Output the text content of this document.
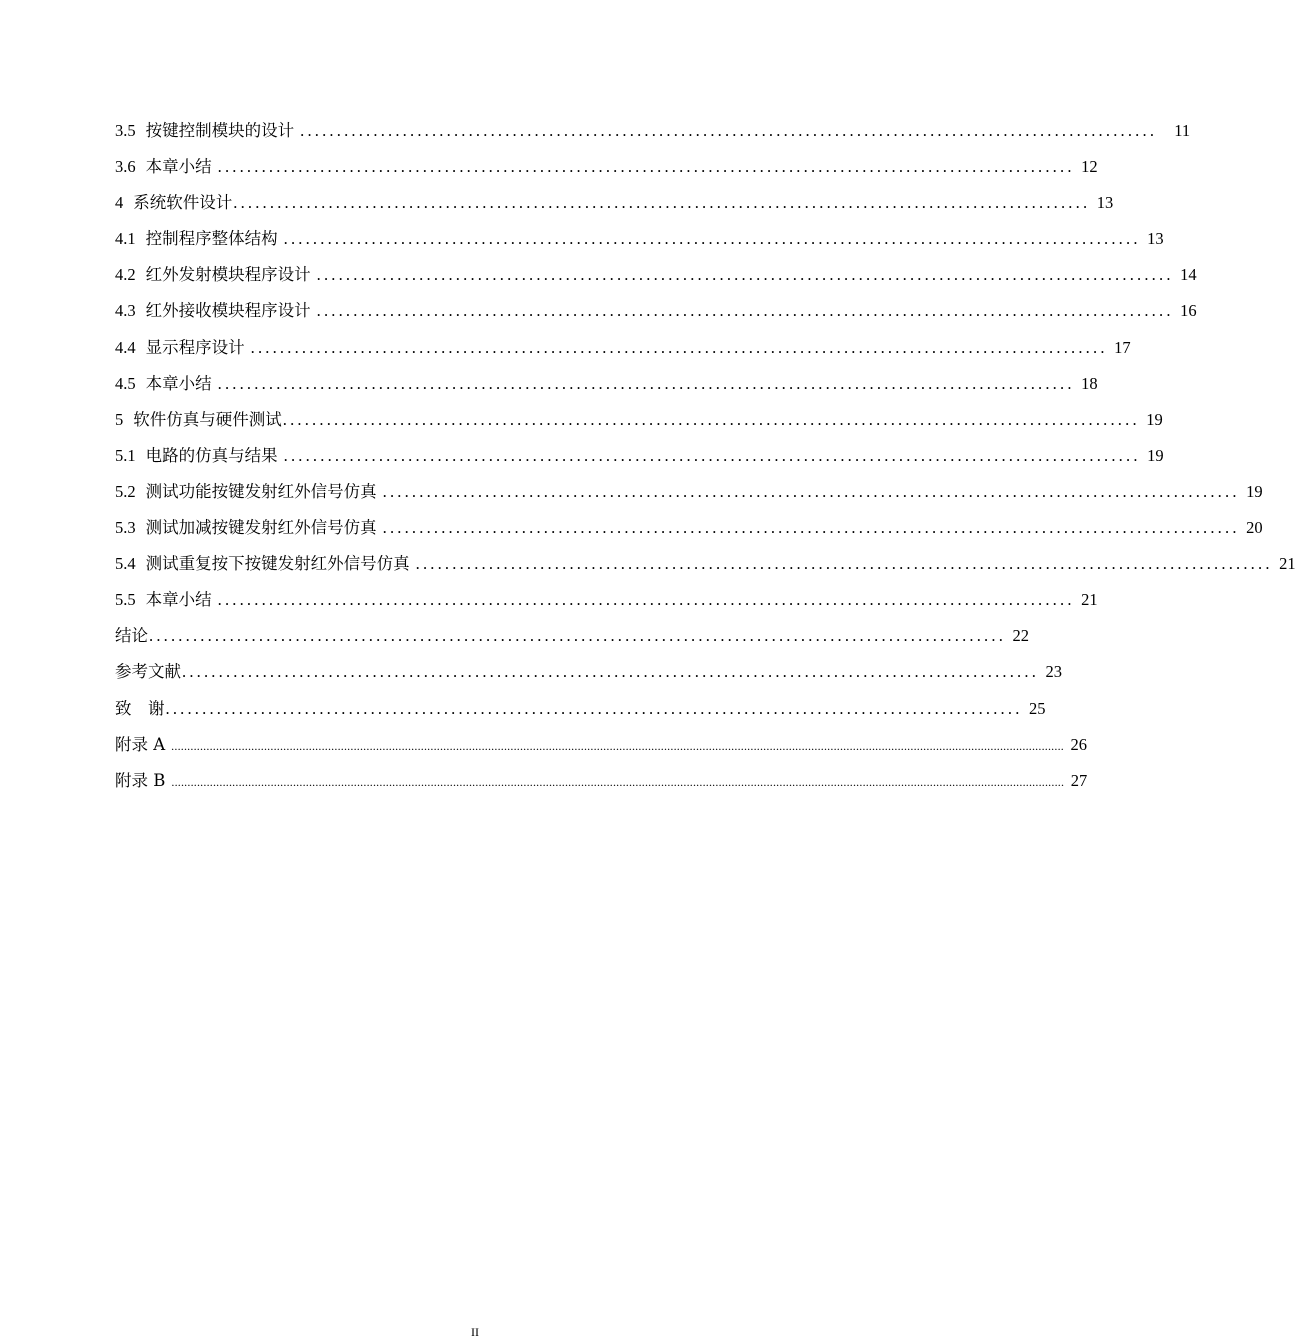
3.5 按键控制模块的设计 ..................................................................................................................... 11
3.6 本章小结 ..................................................................................................................... 12
4 系统软件设计 ..................................................................................................................... 13
4.1 控制程序整体结构 ..................................................................................................................... 13
4.2 红外发射模块程序设计 ..................................................................................................................... 14
4.3 红外接收模块程序设计 ..................................................................................................................... 16
4.4 显示程序设计 ..................................................................................................................... 17
4.5 本章小结 ..................................................................................................................... 18
5 软件仿真与硬件测试 ..................................................................................................................... 19
5.1 电路的仿真与结果 ..................................................................................................................... 19
5.2 测试功能按键发射红外信号仿真 ..................................................................................................................... 19
5.3 测试加减按键发射红外信号仿真 ..................................................................................................................... 20
5.4 测试重复按下按键发射红外信号仿真 ..................................................................................................................... 21
5.5 本章小结 ..................................................................................................................... 21
结论 ..................................................................................................................... 22
参考文献 ..................................................................................................................... 23
致　谢 ..................................................................................................................... 25
附录 A ....................................................................................................................................................................................................................................................................................... 26
附录 B ....................................................................................................................................................................................................................................................................................... 27
II
